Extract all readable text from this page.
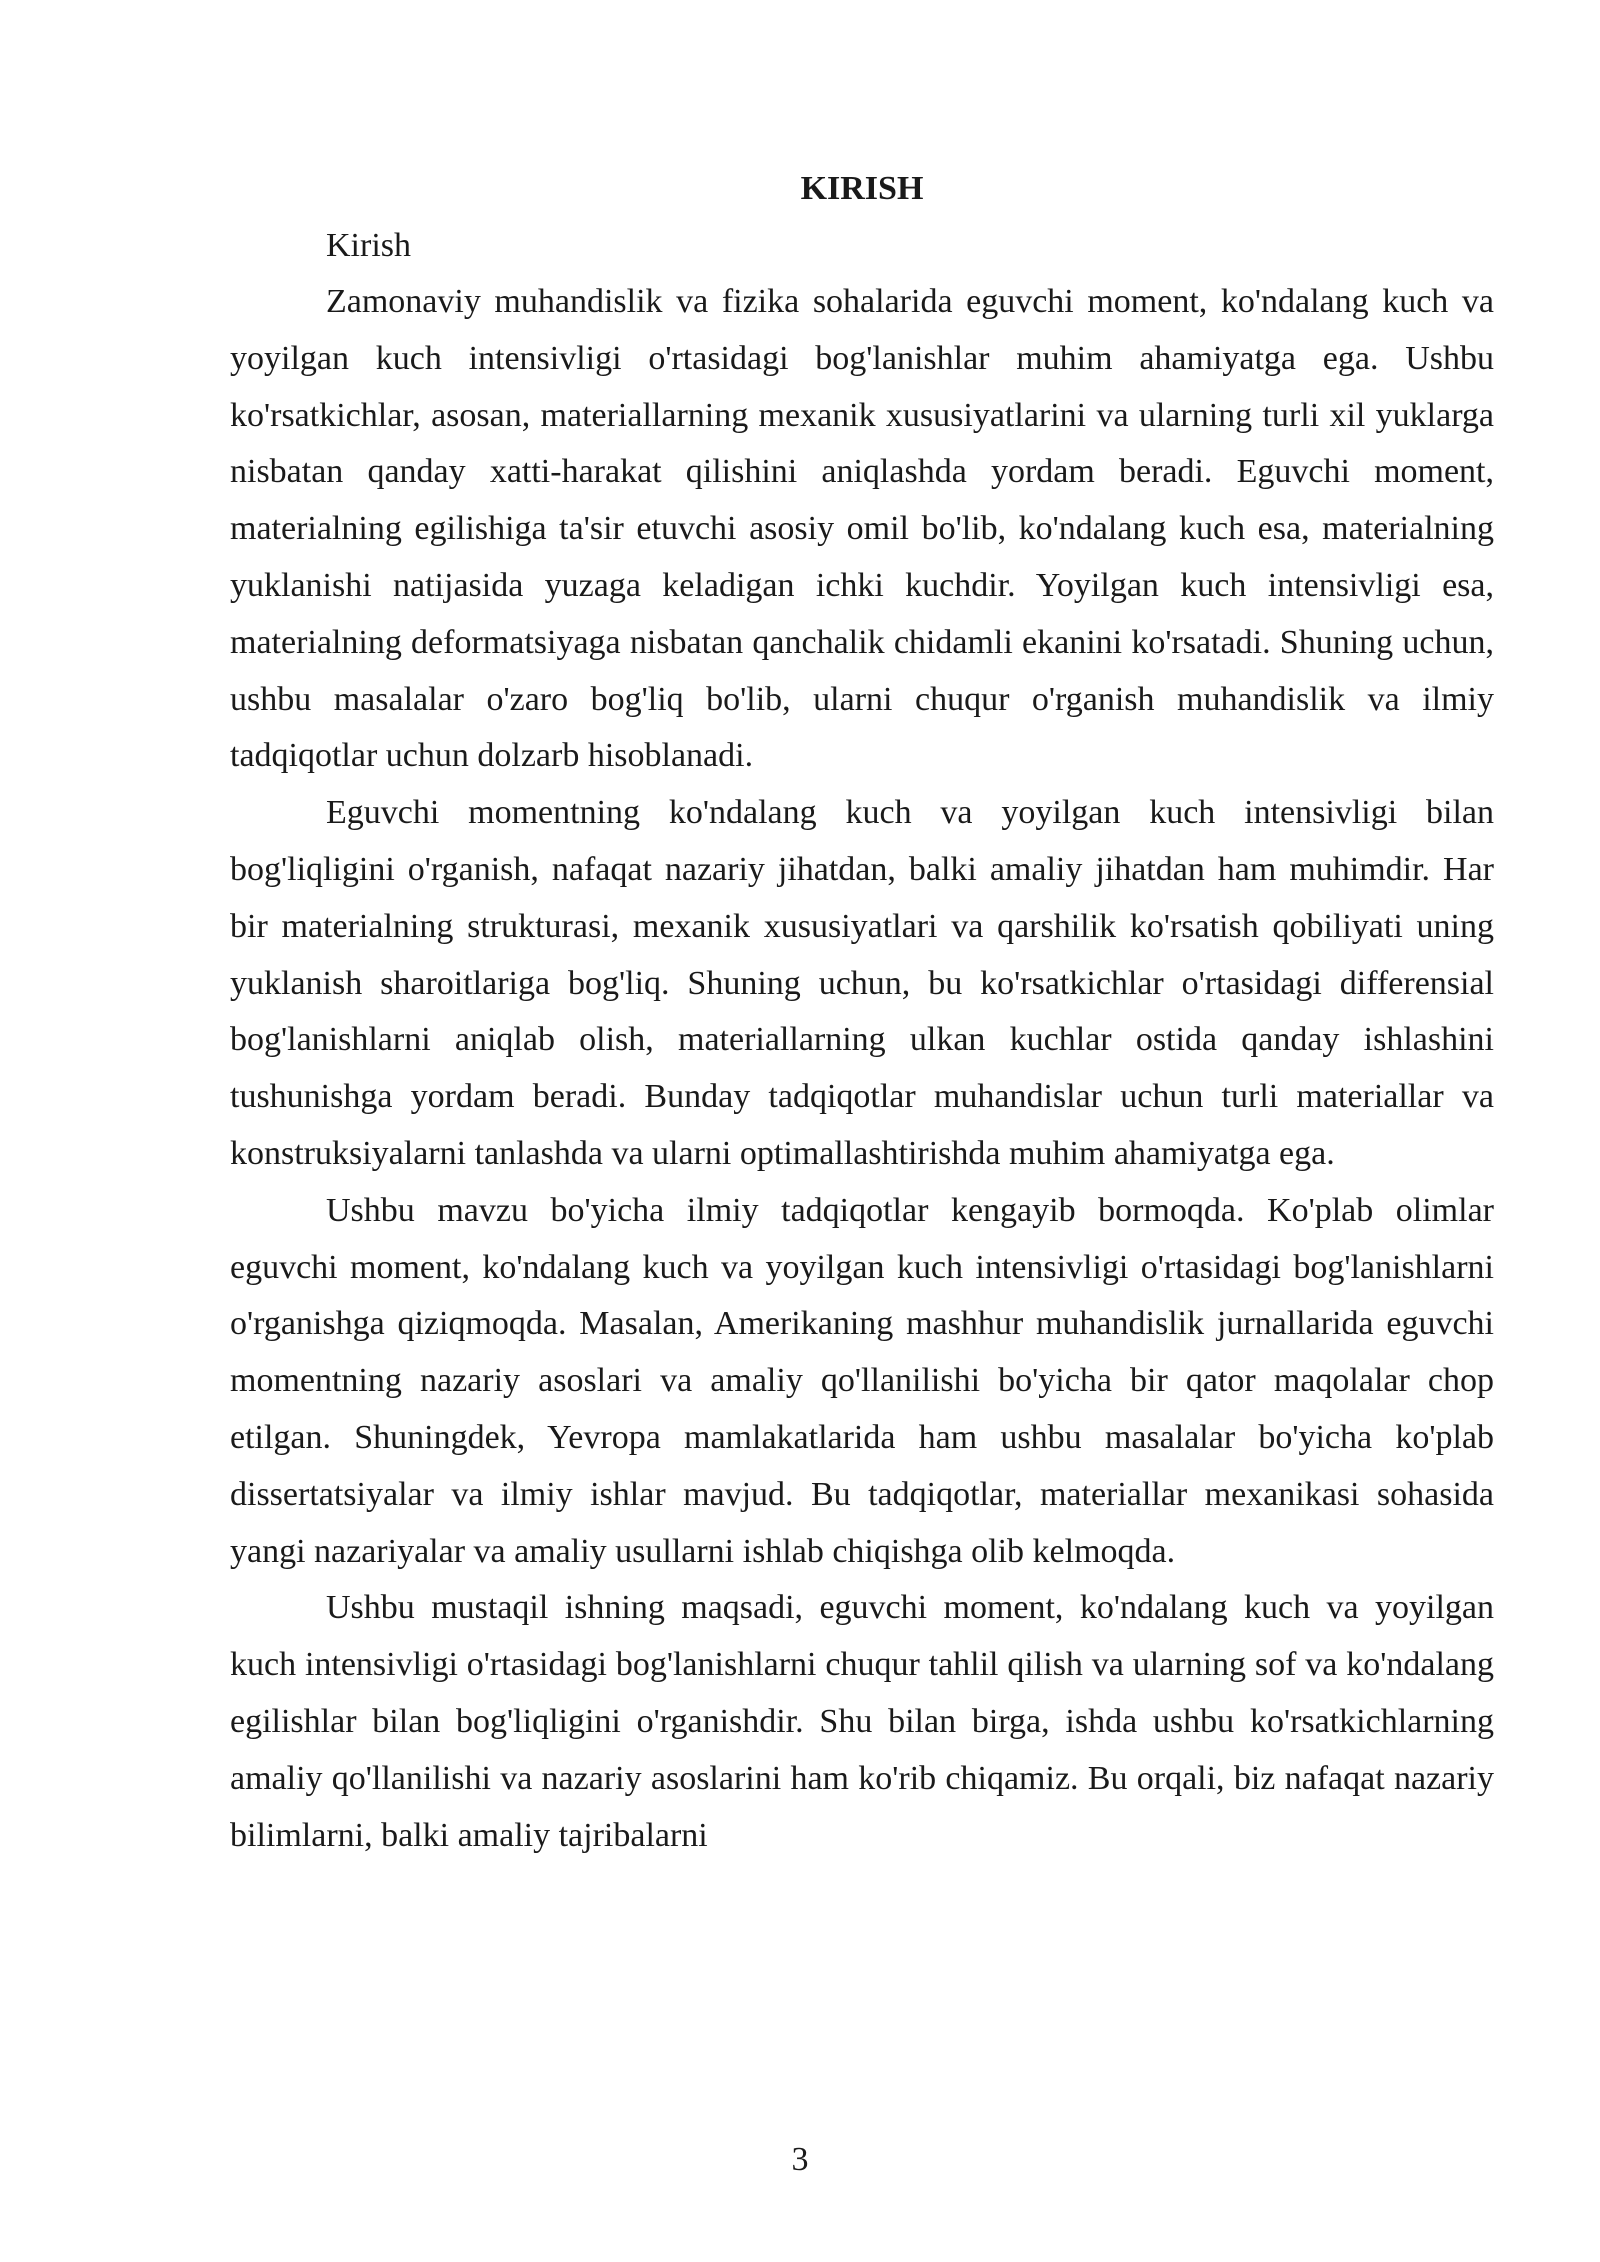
KIRISH

Kirish

Zamonaviy muhandislik va fizika sohalarida eguvchi moment, ko'ndalang kuch va yoyilgan kuch intensivligi o'rtasidagi bog'lanishlar muhim ahamiyatga ega. Ushbu ko'rsatkichlar, asosan, materiallarning mexanik xususiyatlarini va ularning turli xil yuklarga nisbatan qanday xatti-harakat qilishini aniqlashda yordam beradi. Eguvchi moment, materialning egilishiga ta'sir etuvchi asosiy omil bo'lib, ko'ndalang kuch esa, materialning yuklanishi natijasida yuzaga keladigan ichki kuchdir. Yoyilgan kuch intensivligi esa, materialning deformatsiyaga nisbatan qanchalik chidamli ekanini ko'rsatadi. Shuning uchun, ushbu masalalar o'zaro bog'liq bo'lib, ularni chuqur o'rganish muhandislik va ilmiy tadqiqotlar uchun dolzarb hisoblanadi.

Eguvchi momentning ko'ndalang kuch va yoyilgan kuch intensivligi bilan bog'liqligini o'rganish, nafaqat nazariy jihatdan, balki amaliy jihatdan ham muhimdir. Har bir materialning strukturasi, mexanik xususiyatlari va qarshilik ko'rsatish qobiliyati uning yuklanish sharoitlariga bog'liq. Shuning uchun, bu ko'rsatkichlar o'rtasidagi differensial bog'lanishlarni aniqlab olish, materiallarning ulkan kuchlar ostida qanday ishlashini tushunishga yordam beradi. Bunday tadqiqotlar muhandislar uchun turli materiallar va konstruksiyalarni tanlashda va ularni optimallashtirishda muhim ahamiyatga ega.

Ushbu mavzu bo'yicha ilmiy tadqiqotlar kengayib bormoqda. Ko'plab olimlar eguvchi moment, ko'ndalang kuch va yoyilgan kuch intensivligi o'rtasidagi bog'lanishlarni o'rganishga qiziqmoqda. Masalan, Amerikaning mashhur muhandislik jurnallarida eguvchi momentning nazariy asoslari va amaliy qo'llanilishi bo'yicha bir qator maqolalar chop etilgan. Shuningdek, Yevropa mamlakatlarida ham ushbu masalalar bo'yicha ko'plab dissertatsiyalar va ilmiy ishlar mavjud. Bu tadqiqotlar, materiallar mexanikasi sohasida yangi nazariyalar va amaliy usullarni ishlab chiqishga olib kelmoqda.

Ushbu mustaqil ishning maqsadi, eguvchi moment, ko'ndalang kuch va yoyilgan kuch intensivligi o'rtasidagi bog'lanishlarni chuqur tahlil qilish va ularning sof va ko'ndalang egilishlar bilan bog'liqligini o'rganishdir. Shu bilan birga, ishda ushbu ko'rsatkichlarning amaliy qo'llanilishi va nazariy asoslarini ham ko'rib chiqamiz. Bu orqali, biz nafaqat nazariy bilimlarni, balki amaliy tajribalarni

3
